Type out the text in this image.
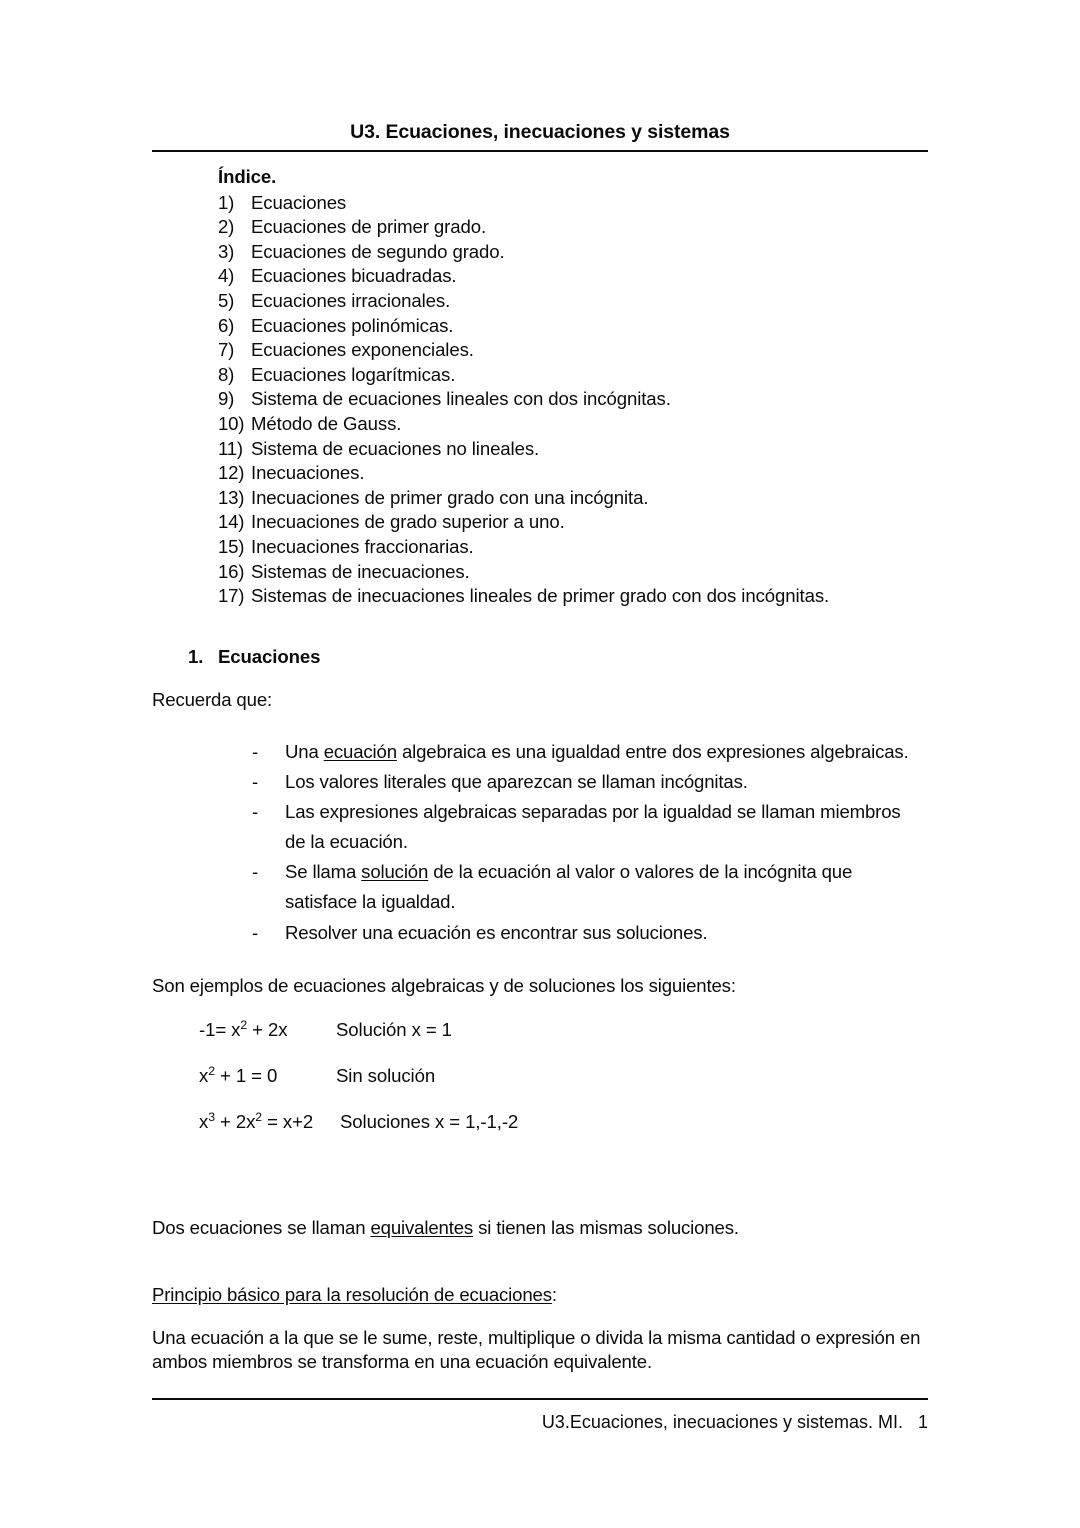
U3. Ecuaciones, inecuaciones y sistemas
Índice.
1) Ecuaciones
2) Ecuaciones de primer grado.
3) Ecuaciones de segundo grado.
4) Ecuaciones bicuadradas.
5) Ecuaciones irracionales.
6) Ecuaciones polinómicas.
7) Ecuaciones exponenciales.
8) Ecuaciones logarítmicas.
9) Sistema de ecuaciones lineales con dos incógnitas.
10) Método de Gauss.
11) Sistema de ecuaciones no lineales.
12) Inecuaciones.
13) Inecuaciones de primer grado con una incógnita.
14) Inecuaciones de grado superior a uno.
15) Inecuaciones fraccionarias.
16) Sistemas de inecuaciones.
17) Sistemas de inecuaciones lineales de primer grado con dos incógnitas.
1. Ecuaciones
Recuerda que:
-	Una ecuación algebraica es una igualdad entre dos expresiones algebraicas.
-	Los valores literales que aparezcan se llaman incógnitas.
-	Las expresiones algebraicas separadas por la igualdad se llaman miembros de la ecuación.
-	Se llama solución de la ecuación al valor o valores de la incógnita que satisface la igualdad.
-	Resolver una ecuación es encontrar sus soluciones.
Son ejemplos de ecuaciones algebraicas y de soluciones los siguientes:
$-1= x^2 + 2x$	Solución x = 1
$x^2 + 1 = 0$	Sin solución
$x^3 + 2x^2 = x+2$	Soluciones x = 1,-1,-2
Dos ecuaciones se llaman equivalentes si tienen las mismas soluciones.
Principio básico para la resolución de ecuaciones:
Una ecuación a la que se le sume, reste, multiplique o divida la misma cantidad o expresión en ambos miembros se transforma en una ecuación equivalente.
U3.Ecuaciones, inecuaciones y sistemas. MI.   1
